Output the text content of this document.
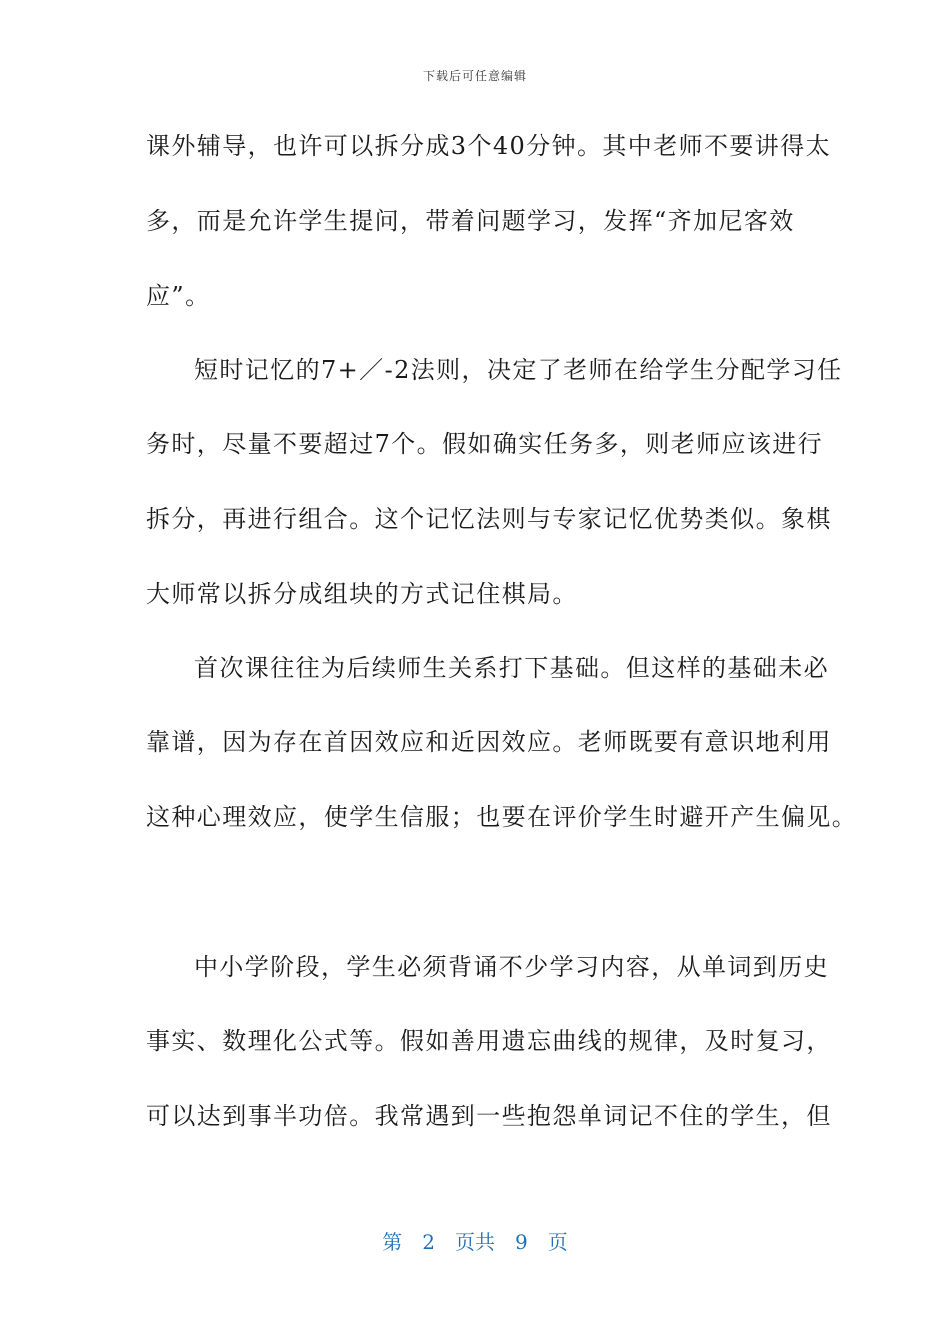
下载后可任意编辑
课外辅导，也许可以拆分成3个40分钟。其中老师不要讲得太
多，而是允许学生提问，带着问题学习，发挥“齐加尼客效
应”。
短时记忆的7+／-2法则，决定了老师在给学生分配学习任
务时，尽量不要超过7个。假如确实任务多，则老师应该进行
拆分，再进行组合。这个记忆法则与专家记忆优势类似。象棋
大师常以拆分成组块的方式记住棋局。
首次课往往为后续师生关系打下基础。但这样的基础未必
靠谱，因为存在首因效应和近因效应。老师既要有意识地利用
这种心理效应，使学生信服；也要在评价学生时避开产生偏见。
中小学阶段，学生必须背诵不少学习内容，从单词到历史
事实、数理化公式等。假如善用遗忘曲线的规律，及时复习，
可以达到事半功倍。我常遇到一些抱怨单词记不住的学生，但
第 2 页共 9 页
